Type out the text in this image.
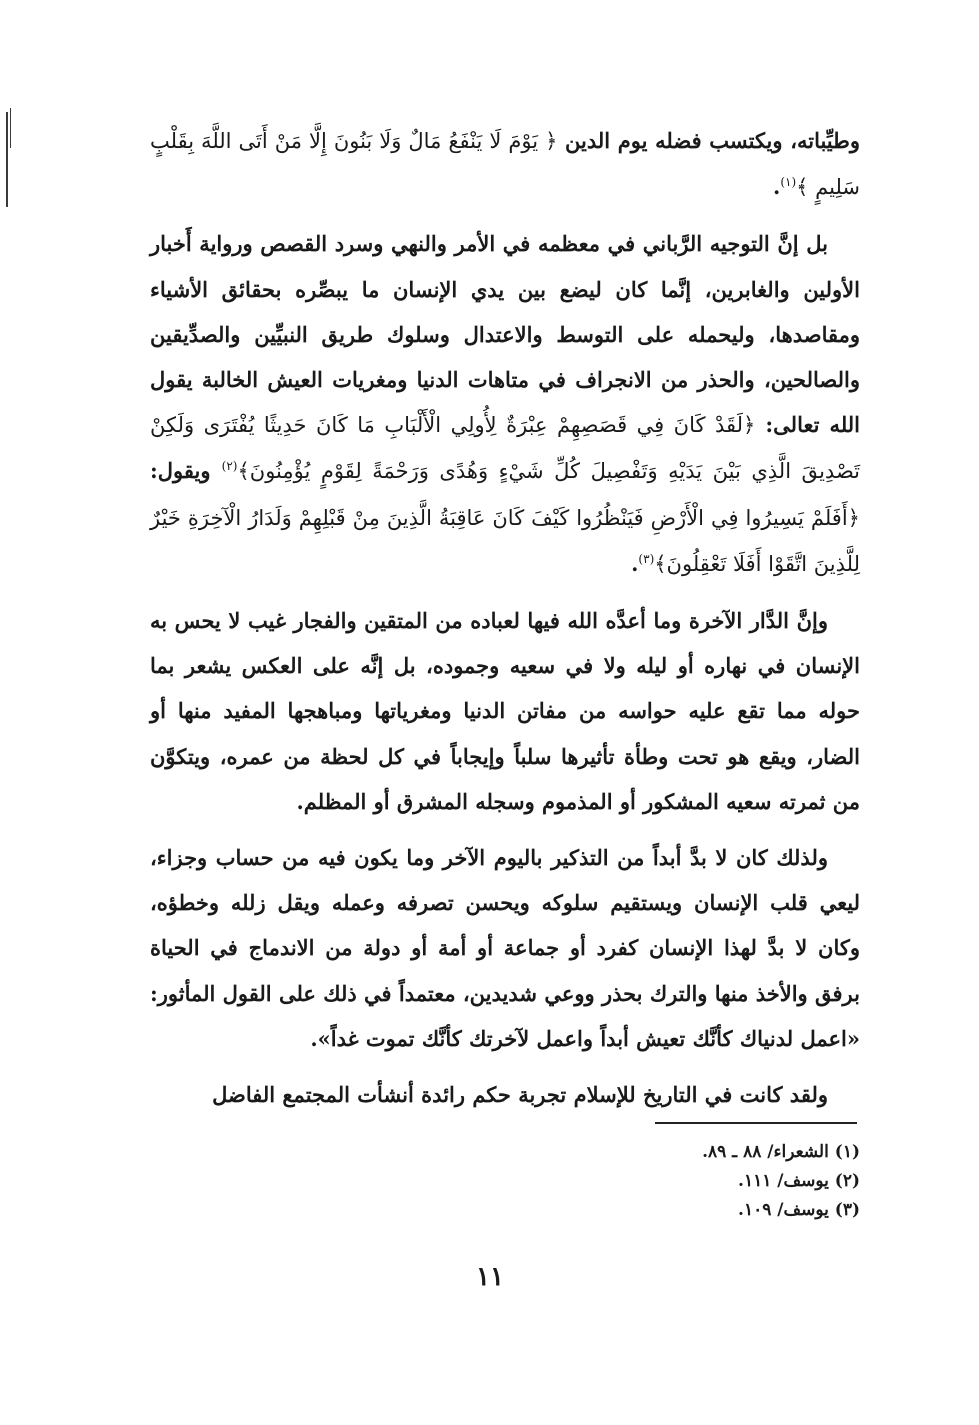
وطيِّباته، ويكتسب فضله يوم الدين ﴿ يَوْمَ لَا يَنْفَعُ مَالٌ وَلَا بَنُونَ إِلَّا مَنْ أَتَى اللَّهَ بِقَلْبٍ سَلِيمٍ ﴾$^{(١)}$.

بل إنَّ التوجيه الرَّباني في معظمه في الأمر والنهي وسرد القصص ورواية أَخبار الأولين والغابرين، إنَّما كان ليضع بين يدي الإنسان ما يبصِّره بحقائق الأشياء ومقاصدها، وليحمله على التوسط والاعتدال وسلوك طريق النبيِّين والصدِّيقين والصالحين، والحذر من الانجراف في متاهات الدنيا ومغريات العيش الخالبة يقول الله تعالى: ﴿لَقَدْ كَانَ فِي قَصَصِهِمْ عِبْرَةٌ لِأُولِي الْأَلْبَابِ مَا كَانَ حَدِيثًا يُفْتَرَى وَلَكِنْ تَصْدِيقَ الَّذِي بَيْنَ يَدَيْهِ وَتَفْصِيلَ كُلِّ شَيْءٍ وَهُدًى وَرَحْمَةً لِقَوْمٍ يُؤْمِنُونَ﴾$^{(٢)}$ ويقول: ﴿أَفَلَمْ يَسِيرُوا فِي الْأَرْضِ فَيَنْظُرُوا كَيْفَ كَانَ عَاقِبَةُ الَّذِينَ مِنْ قَبْلِهِمْ وَلَدَارُ الْآخِرَةِ خَيْرٌ لِلَّذِينَ اتَّقَوْا أَفَلَا تَعْقِلُونَ﴾$^{(٣)}$.

وإنَّ الدَّار الآخرة وما أعدَّه الله فيها لعباده من المتقين والفجار غيب لا يحس به الإنسان في نهاره أو ليله ولا في سعيه وجموده، بل إنَّه على العكس يشعر بما حوله مما تقع عليه حواسه من مفاتن الدنيا ومغرياتها ومباهجها المفيد منها أو الضار، ويقع هو تحت وطأة تأثيرها سلباً وإيجاباً في كل لحظة من عمره، ويتكوَّن من ثمرته سعيه المشكور أو المذموم وسجله المشرق أو المظلم.

ولذلك كان لا بدَّ أبداً من التذكير باليوم الآخر وما يكون فيه من حساب وجزاء، ليعي قلب الإنسان ويستقيم سلوكه ويحسن تصرفه وعمله ويقل زلله وخطؤه، وكان لا بدَّ لهذا الإنسان كفرد أو جماعة أو أمة أو دولة من الاندماج في الحياة برفق والأخذ منها والترك بحذر ووعي شديدين، معتمداً في ذلك على القول المأثور: «اعمل لدنياك كأنَّك تعيش أبداً واعمل لآخرتك كأنَّك تموت غداً».

ولقد كانت في التاريخ للإسلام تجربة حكم رائدة أنشأت المجتمع الفاضل

(١) الشعراء/ ٨٨ ـ ٨٩.

(٢) يوسف/ ١١١.

(٣) يوسف/ ١٠٩.

١١
